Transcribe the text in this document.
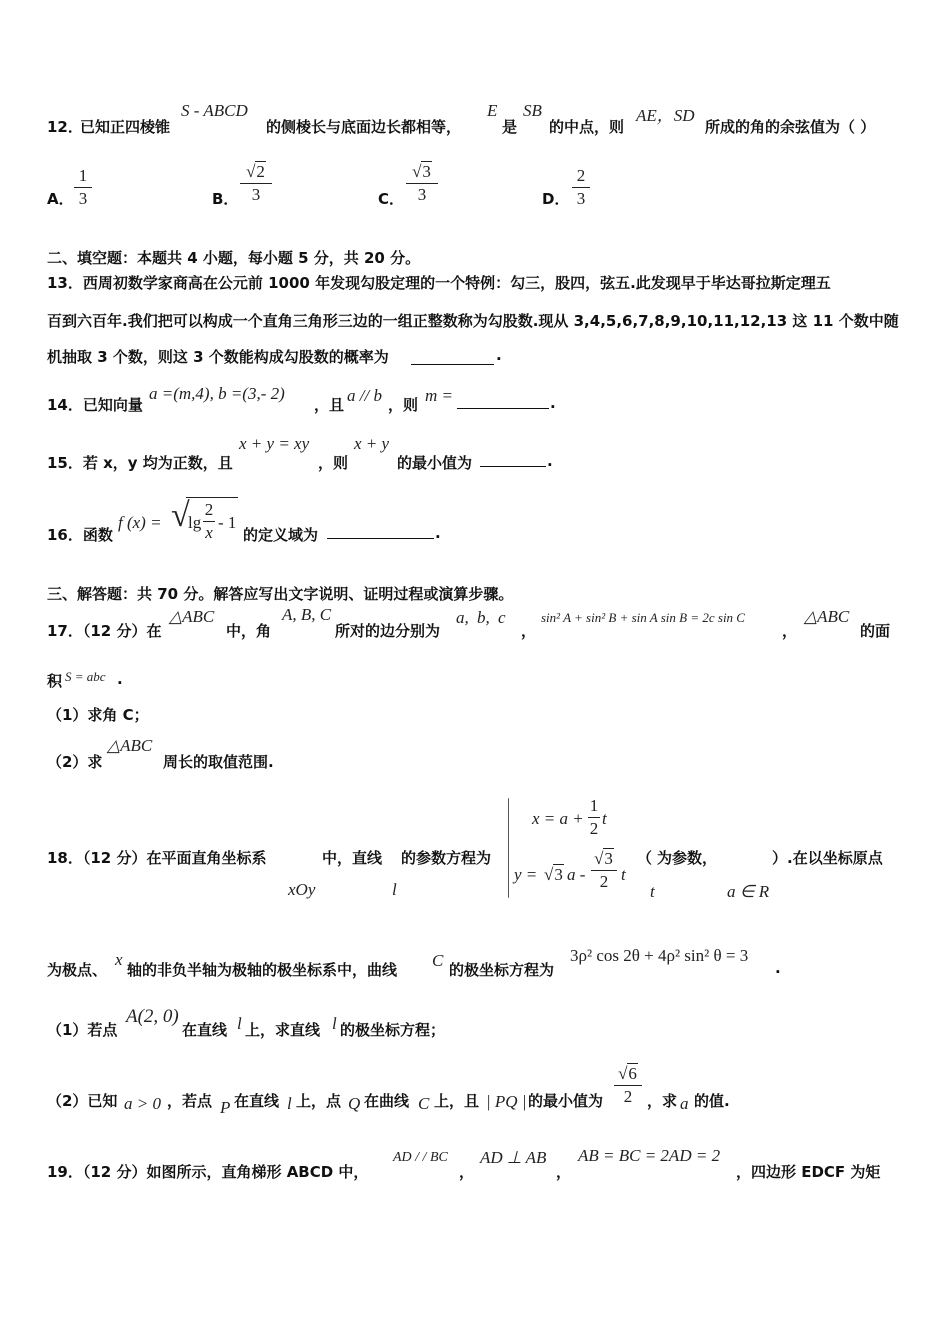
12．
已知正四棱锥
S - ABCD
的侧棱长与底面边长都相等，
E
是
SB
的中点，则
AE，SD
所成的角的余弦值为（ ）
A．
1
3	B．
√2
3	C．
√3
3	D．
2
3
二、填空题：本题共 4 小题，每小题 5 分，共 20 分。
13．西周初数学家商高在公元前 1000 年发现勾股定理的一个特例：勾三，股四，弦五.此发现早于毕达哥拉斯定理五
百到六百年.我们把可以构成一个直角三角形三边的一组正整数称为勾股数.现从 3,4,5,6,7,8,9,10,11,12,13 这 11 个数中随
机抽取 3 个数，则这 3 个数能构成勾股数的概率为	.
14．已知向量
a =(m,4), b =(3,- 2)
，且 a // b ，则 m =	.
15．若 x，y 均为正数，且
x + y = xy
，则
x + y
的最小值为	.
16．函数
f (x) = √
lg
2
x
- 1
的定义域为	.
三、解答题：共 70 分。解答应写出文字说明、证明过程或演算步骤。
17．（12 分）在
△ABC
中，角
A, B, C
所对的边分别为
a, b, c
，
sin² A + sin² B + sin A sin B = 2c sin C
，
△ABC
的面
积 S = abc .
（1）求角 C；
（2）求
△ABC
周长的取值范围.
18．（12 分）在平面直角坐标系	中，直线 的参数方程为
xOy	l
x = a +
1
2
t
y = √3 a -
√3
2 t
（ 为参数，	）.在以坐标原点
t	a ∈ R
为极点、
x
轴的非负半轴为极轴的极坐标系中，曲线 C 的极坐标方程为
3ρ² cos 2θ + 4ρ² sin² θ = 3
.
（1）若点
A(2, 0)
在直线 l 上，求直线 l 的极坐标方程；
（2）已知 a > 0 ，若点 P 在直线 l 上，点 Q 在曲线 C 上，且 | PQ | 的最小值为
√6
2 ，求 a 的值.
19．（12 分）如图所示，直角梯形 ABCD 中，
AD / / BC
，
AD ⊥ AB
，
AB = BC = 2AD = 2
，四边形 EDCF 为矩
